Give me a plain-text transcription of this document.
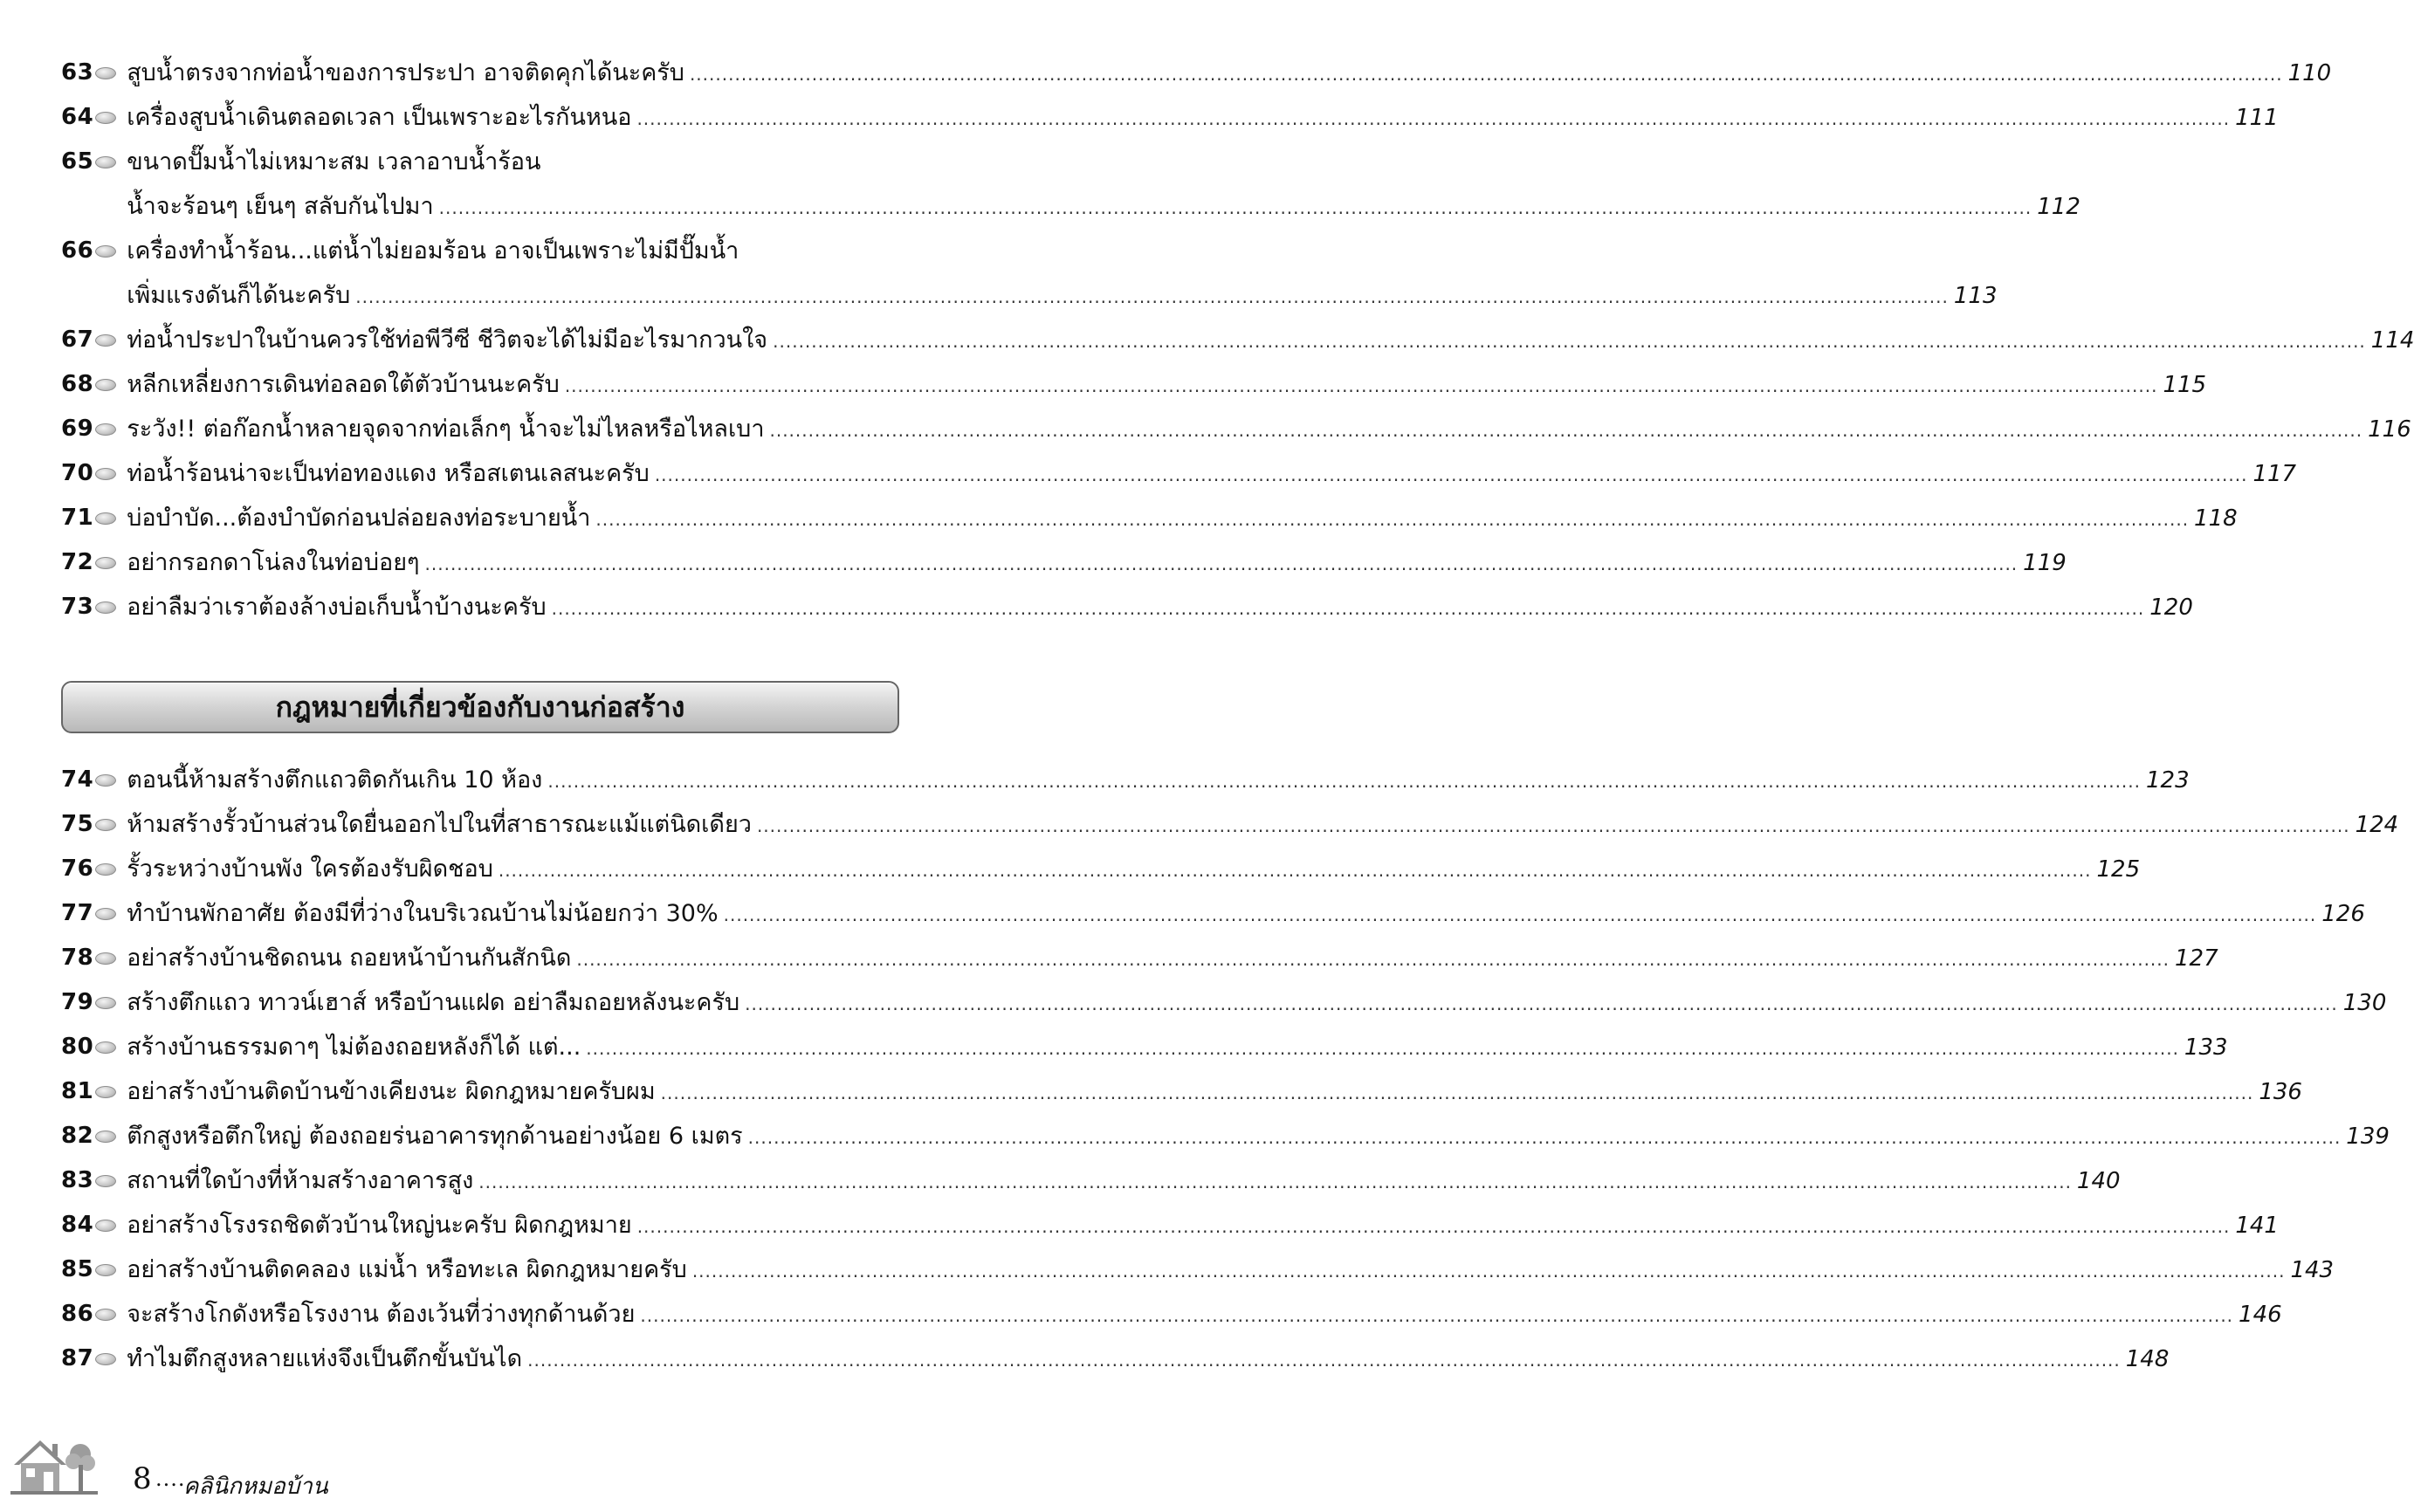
63 สูบน้ำตรงจากท่อน้ำของการประปา อาจติดคุกได้นะครับ .....	110
64 เครื่องสูบน้ำเดินตลอดเวลา เป็นเพราะอะไรกันหนอ .....	111
65 ขนาดปั๊มน้ำไม่เหมาะสม เวลาอาบน้ำร้อน
น้ำจะร้อนๆ เย็นๆ สลับกันไปมา .....	112
66 เครื่องทำน้ำร้อน...แต่น้ำไม่ยอมร้อน อาจเป็นเพราะไม่มีปั๊มน้ำ
เพิ่มแรงดันก็ได้นะครับ .....	113
67 ท่อน้ำประปาในบ้านควรใช้ท่อพีวีซี ชีวิตจะได้ไม่มีอะไรมากวนใจ .....	114
68 หลีกเหลี่ยงการเดินท่อลอดใต้ตัวบ้านนะครับ .....	115
69 ระวัง!! ต่อก๊อกน้ำหลายจุดจากท่อเล็กๆ น้ำจะไม่ไหลหรือไหลเบา .....	116
70 ท่อน้ำร้อนน่าจะเป็นท่อทองแดง หรือสเตนเลสนะครับ .....	117
71 บ่อบำบัด...ต้องบำบัดก่อนปล่อยลงท่อระบายน้ำ .....	118
72 อย่ากรอกดาโน่ลงในท่อบ่อยๆ .....	119
73 อย่าลืมว่าเราต้องล้างบ่อเก็บน้ำบ้างนะครับ .....	120
กฎหมายที่เกี่ยวข้องกับงานก่อสร้าง
74 ตอนนี้ห้ามสร้างตึกแถวติดกันเกิน 10 ห้อง .....	123
75 ห้ามสร้างรั้วบ้านส่วนใดยื่นออกไปในที่สาธารณะแม้แต่นิดเดียว .....	124
76 รั้วระหว่างบ้านพัง ใครต้องรับผิดชอบ .....	125
77 ทำบ้านพักอาศัย ต้องมีที่ว่างในบริเวณบ้านไม่น้อยกว่า 30% .....	126
78 อย่าสร้างบ้านชิดถนน ถอยหน้าบ้านกันสักนิด .....	127
79 สร้างตึกแถว ทาวน์เฮาส์ หรือบ้านแฝด อย่าลืมถอยหลังนะครับ .....	130
80 สร้างบ้านธรรมดาๆ ไม่ต้องถอยหลังก็ได้ แต่... .....	133
81 อย่าสร้างบ้านติดบ้านข้างเคียงนะ ผิดกฎหมายครับผม .....	136
82 ตึกสูงหรือตึกใหญ่ ต้องถอยร่นอาคารทุกด้านอย่างน้อย 6 เมตร .....	139
83 สถานที่ใดบ้างที่ห้ามสร้างอาคารสูง .....	140
84 อย่าสร้างโรงรถชิดตัวบ้านใหญ่นะครับ ผิดกฎหมาย .....	141
85 อย่าสร้างบ้านติดคลอง แม่น้ำ หรือทะเล ผิดกฎหมายครับ .....	143
86 จะสร้างโกดังหรือโรงงาน ต้องเว้นที่ว่างทุกด้านด้วย .....	146
87 ทำไมตึกสูงหลายแห่งจึงเป็นตึกขั้นบันได .....	148
8 ....
คลินิกหมอบ้าน
